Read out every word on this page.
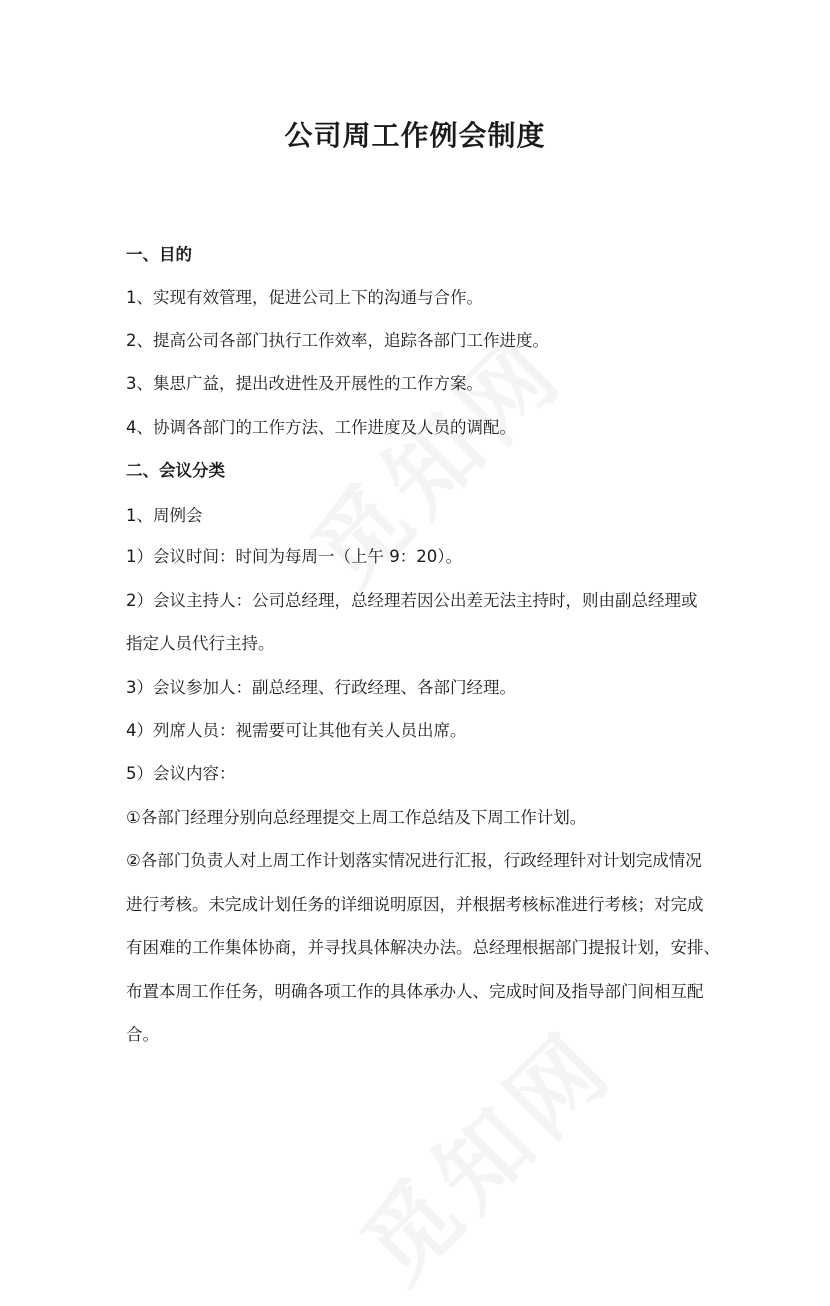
公司周工作例会制度
一、目的
1、实现有效管理，促进公司上下的沟通与合作。
2、提高公司各部门执行工作效率，追踪各部门工作进度。
3、集思广益，提出改进性及开展性的工作方案。
4、协调各部门的工作方法、工作进度及人员的调配。
二、会议分类
1、周例会
1）会议时间：时间为每周一（上午 9：20）。
2）会议主持人：公司总经理，总经理若因公出差无法主持时，则由副总经理或
指定人员代行主持。
3）会议参加人：副总经理、行政经理、各部门经理。
4）列席人员：视需要可让其他有关人员出席。
5）会议内容：
①各部门经理分别向总经理提交上周工作总结及下周工作计划。
②各部门负责人对上周工作计划落实情况进行汇报，行政经理针对计划完成情况
进行考核。未完成计划任务的详细说明原因，并根据考核标准进行考核；对完成
有困难的工作集体协商，并寻找具体解决办法。总经理根据部门提报计划，安排、
布置本周工作任务，明确各项工作的具体承办人、完成时间及指导部门间相互配
合。
